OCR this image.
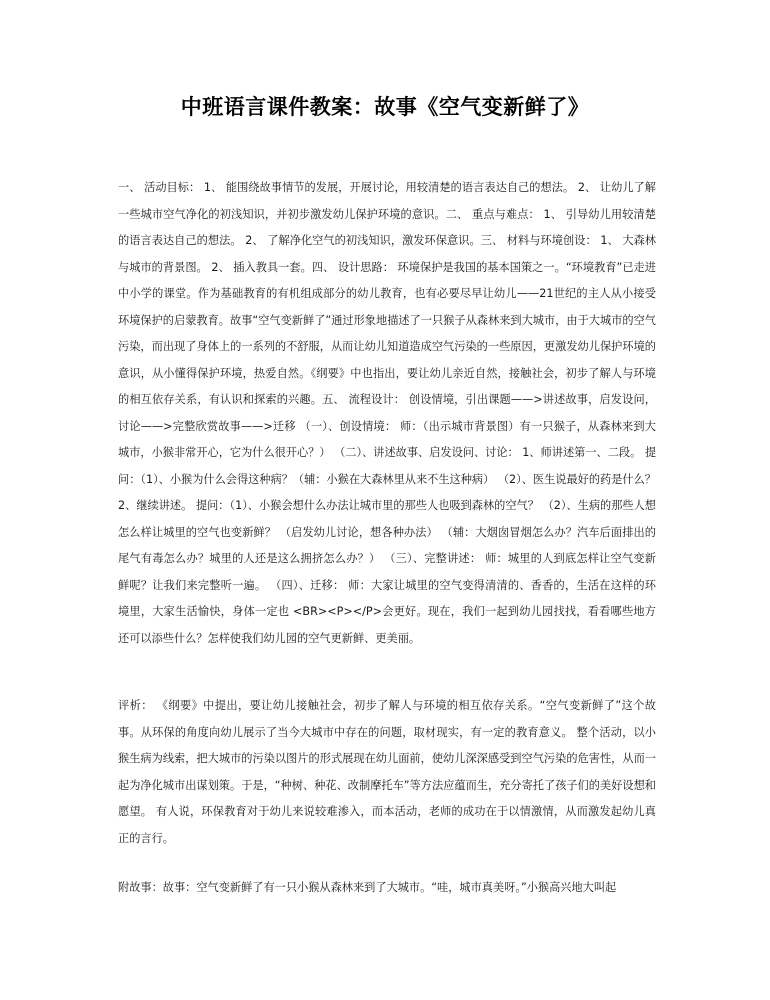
中班语言课件教案：故事《空气变新鲜了》

一、 活动目标： 1、 能围绕故事情节的发展，开展讨论，用较清楚的语言表达自己的想法。 2、 让幼儿了解一些城市空气净化的初浅知识，并初步激发幼儿保护环境的意识。二、 重点与难点： 1、 引导幼儿用较清楚的语言表达自己的想法。 2、 了解净化空气的初浅知识，激发环保意识。三、 材料与环境创设： 1、 大森林与城市的背景图。 2、 插入教具一套。四、 设计思路： 环境保护是我国的基本国策之一。“环境教育”已走进中小学的课堂。作为基础教育的有机组成部分的幼儿教育，也有必要尽早让幼儿——21世纪的主人从小接受环境保护的启蒙教育。故事“空气变新鲜了”通过形象地描述了一只猴子从森林来到大城市，由于大城市的空气污染，而出现了身体上的一系列的不舒服，从而让幼儿知道造成空气污染的一些原因，更激发幼儿保护环境的意识，从小懂得保护环境，热爱自然。《纲要》中也指出，要让幼儿亲近自然，接触社会，初步了解人与环境的相互依存关系，有认识和探索的兴趣。五、 流程设计： 创设情境，引出课题——>讲述故事，启发设问，讨论——>完整欣赏故事——>迁移 （一）、创设情境： 师：（出示城市背景图）有一只猴子，从森林来到大城市，小猴非常开心，它为什么很开心？） （二）、讲述故事、启发设问、讨论： 1、师讲述第一、二段。 提问：（1）、小猴为什么会得这种病？（辅：小猴在大森林里从来不生这种病） （2）、医生说最好的药是什么？ 2、继续讲述。 提问：（1）、小猴会想什么办法让城市里的那些人也吸到森林的空气？ （2）、生病的那些人想怎么样让城里的空气也变新鲜？ （启发幼儿讨论，想各种办法） （辅：大烟囱冒烟怎么办？汽车后面排出的尾气有毒怎么办？城里的人还是这么拥挤怎么办？） （三）、完整讲述： 师：城里的人到底怎样让空气变新鲜呢？让我们来完整听一遍。 （四）、迁移： 师：大家让城里的空气变得清清的、香香的，生活在这样的环境里，大家生活愉快，身体一定也 <BR><P></P>会更好。现在，我们一起到幼儿园找找，看看哪些地方还可以添些什么？怎样使我们幼儿园的空气更新鲜、更美丽。

评析： 《纲要》中提出，要让幼儿接触社会，初步了解人与环境的相互依存关系。“空气变新鲜了”这个故事。从环保的角度向幼儿展示了当今大城市中存在的问题，取材现实，有一定的教育意义。 整个活动，以小猴生病为线索，把大城市的污染以图片的形式展现在幼儿面前，使幼儿深深感受到空气污染的危害性，从而一起为净化城市出谋划策。于是，“种树、种花、改制摩托车”等方法应蕴而生，充分寄托了孩子们的美好设想和愿望。 有人说，环保教育对于幼儿来说较难渗入，而本活动，老师的成功在于以情激情，从而激发起幼儿真正的言行。

附故事：故事：空气变新鲜了有一只小猴从森林来到了大城市。“哇，城市真美呀。”小猴高兴地大叫起
